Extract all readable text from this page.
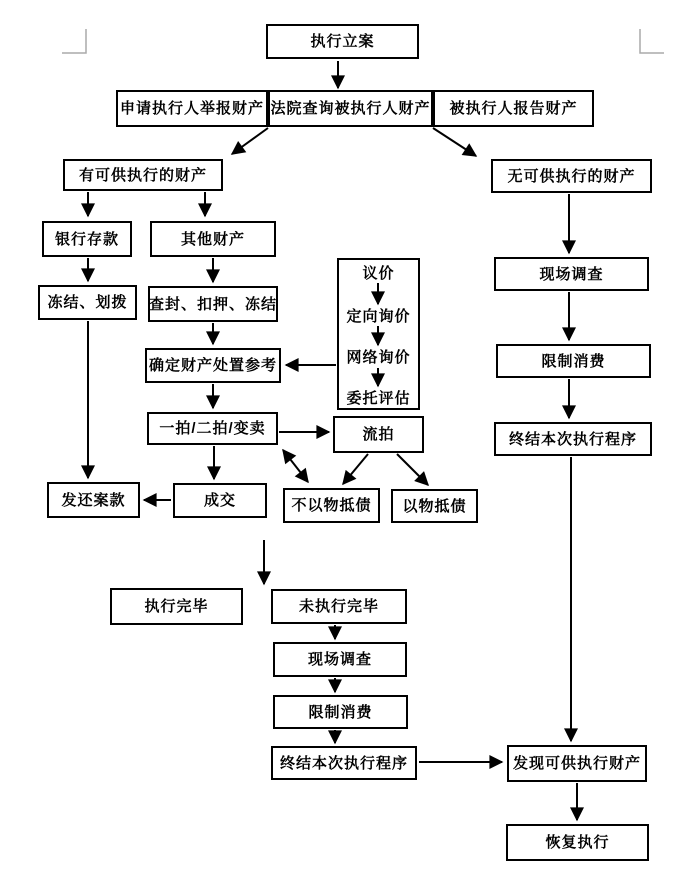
执行立案
申请执行人举报财产 法院查询被执行人财产	被执行人报告财产
有可供执行的财产	无可供执行的财产
银行存款	其他财产
冻结、划拨	查封、扣押、冻结
确定财产处置参考
一拍/二拍/变卖
成交
发还案款
议价
定向询价
网络询价
委托评估
流拍
不以物抵债	以物抵债
现场调查
限制消费
终结本次执行程序
执行完毕	未执行完毕
现场调查
限制消费
终结本次执行程序	发现可供执行财产
恢复执行
